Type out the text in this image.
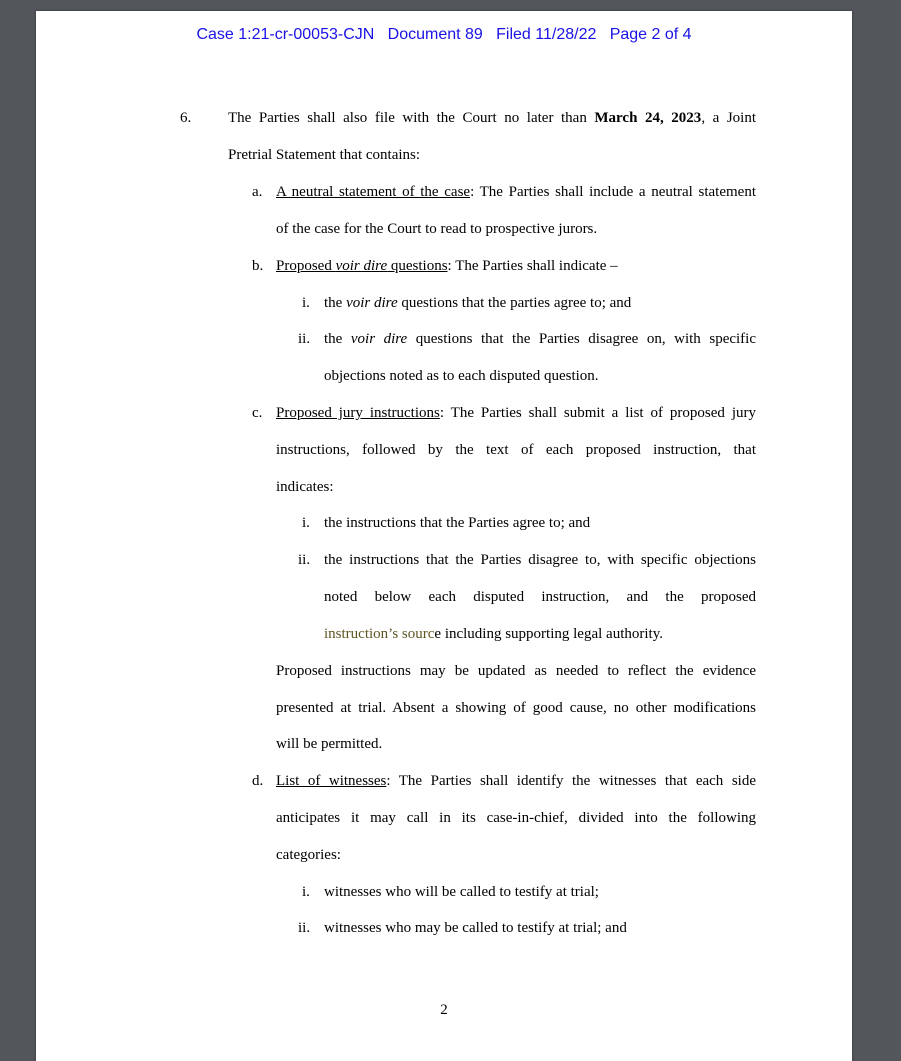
Case 1:21-cr-00053-CJN   Document 89   Filed 11/28/22   Page 2 of 4
6. The Parties shall also file with the Court no later than March 24, 2023, a Joint
Pretrial Statement that contains:
a. A neutral statement of the case: The Parties shall include a neutral statement
of the case for the Court to read to prospective jurors.
b. Proposed voir dire questions: The Parties shall indicate –
i. the voir dire questions that the parties agree to; and
ii. the voir dire questions that the Parties disagree on, with specific
objections noted as to each disputed question.
c. Proposed jury instructions: The Parties shall submit a list of proposed jury
instructions, followed by the text of each proposed instruction, that
indicates:
i. the instructions that the Parties agree to; and
ii. the instructions that the Parties disagree to, with specific objections
noted below each disputed instruction, and the proposed
instruction’s source including supporting legal authority.
Proposed instructions may be updated as needed to reflect the evidence
presented at trial. Absent a showing of good cause, no other modifications
will be permitted.
d. List of witnesses: The Parties shall identify the witnesses that each side
anticipates it may call in its case-in-chief, divided into the following
categories:
i. witnesses who will be called to testify at trial;
ii. witnesses who may be called to testify at trial; and
2
